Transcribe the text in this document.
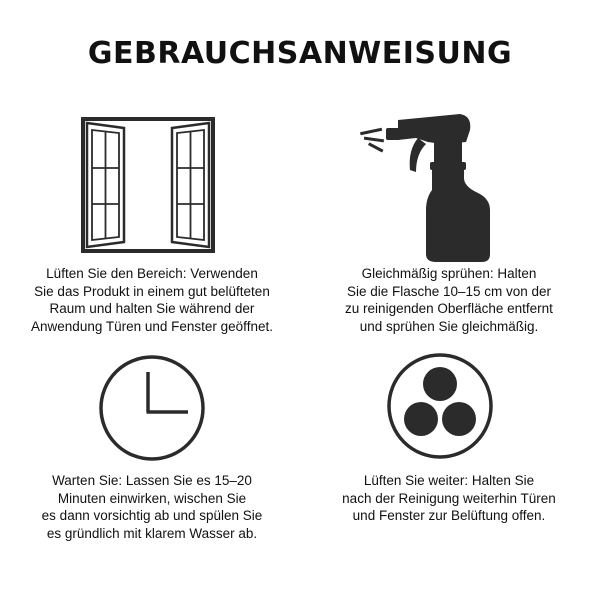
GEBRAUCHSANWEISUNG
Lüften Sie den Bereich: Verwenden
Sie das Produkt in einem gut belüfteten
Raum und halten Sie während der
Anwendung Türen und Fenster geöffnet.
Gleichmäßig sprühen: Halten
Sie die Flasche 10–15 cm von der
zu reinigenden Oberfläche entfernt
und sprühen Sie gleichmäßig.
Warten Sie: Lassen Sie es 15–20
Minuten einwirken, wischen Sie
es dann vorsichtig ab und spülen Sie
es gründlich mit klarem Wasser ab.
Lüften Sie weiter: Halten Sie
nach der Reinigung weiterhin Türen
und Fenster zur Belüftung offen.
